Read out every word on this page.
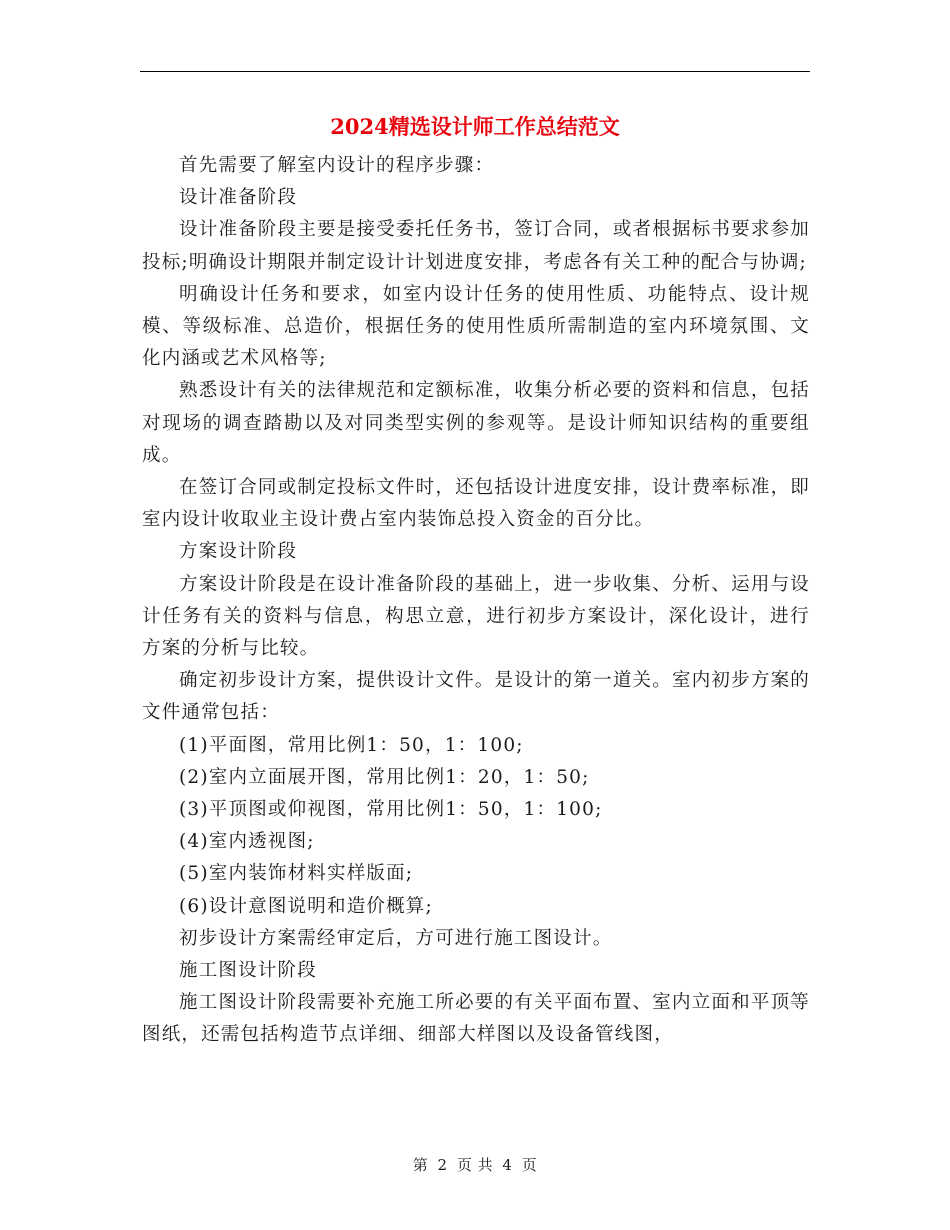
2024精选设计师工作总结范文

首先需要了解室内设计的程序步骤：

设计准备阶段

设计准备阶段主要是接受委托任务书，签订合同，或者根据标书要求参加投标;明确设计期限并制定设计计划进度安排，考虑各有关工种的配合与协调;

明确设计任务和要求，如室内设计任务的使用性质、功能特点、设计规模、等级标准、总造价，根据任务的使用性质所需制造的室内环境氛围、文化内涵或艺术风格等;

熟悉设计有关的法律规范和定额标准，收集分析必要的资料和信息，包括对现场的调查踏勘以及对同类型实例的参观等。是设计师知识结构的重要组成。

在签订合同或制定投标文件时，还包括设计进度安排，设计费率标准，即室内设计收取业主设计费占室内装饰总投入资金的百分比。

方案设计阶段

方案设计阶段是在设计准备阶段的基础上，进一步收集、分析、运用与设计任务有关的资料与信息，构思立意，进行初步方案设计，深化设计，进行方案的分析与比较。

确定初步设计方案，提供设计文件。是设计的第一道关。室内初步方案的文件通常包括：

(1)平面图，常用比例1：50，1：100;

(2)室内立面展开图，常用比例1：20，1：50;

(3)平顶图或仰视图，常用比例1：50，1：100;

(4)室内透视图;

(5)室内装饰材料实样版面;

(6)设计意图说明和造价概算;

初步设计方案需经审定后，方可进行施工图设计。

施工图设计阶段

施工图设计阶段需要补充施工所必要的有关平面布置、室内立面和平顶等图纸，还需包括构造节点详细、细部大样图以及设备管线图，

第 2 页 共 4 页
